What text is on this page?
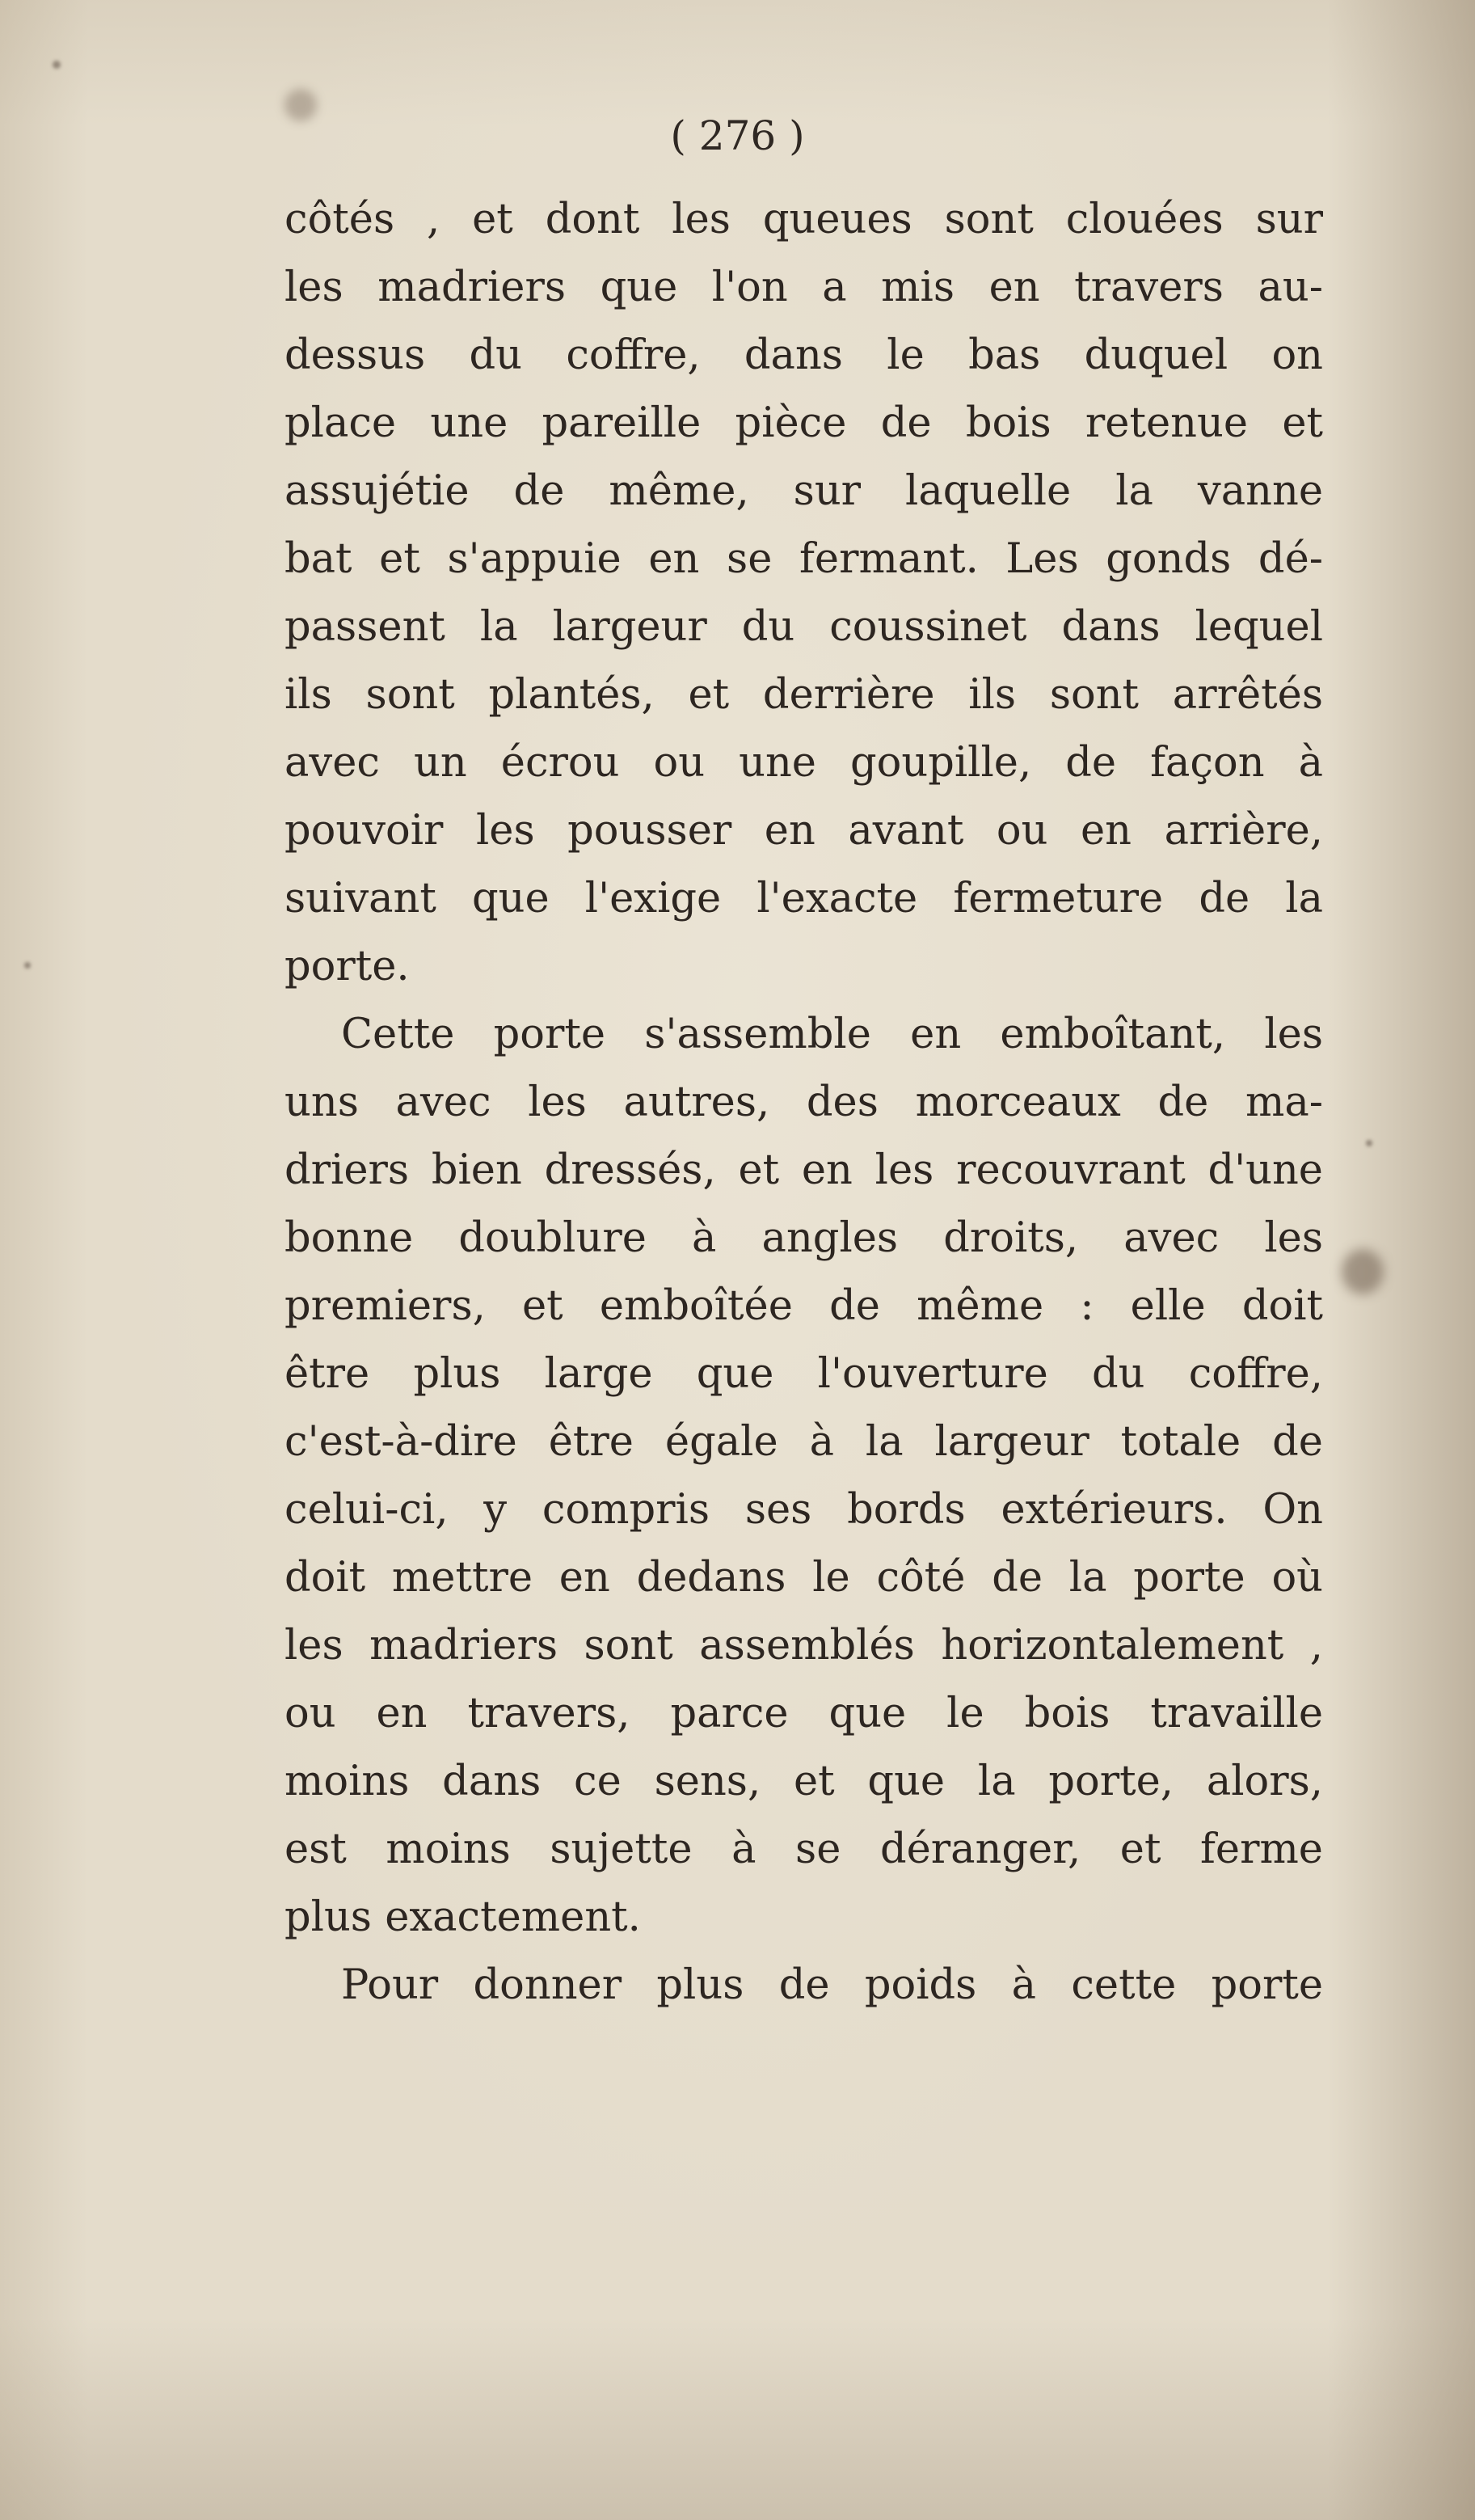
( 276 )
côtés , et dont les queues sont clouées sur
les madriers que l'on a mis en travers au-
dessus du coffre, dans le bas duquel on
place une pareille pièce de bois retenue et
assujétie de même, sur laquelle la vanne
bat et s'appuie en se fermant. Les gonds dé-
passent la largeur du coussinet dans lequel
ils sont plantés, et derrière ils sont arrêtés
avec un écrou ou une goupille, de façon à
pouvoir les pousser en avant ou en arrière,
suivant que l'exige l'exacte fermeture de la
porte.
Cette porte s'assemble en emboîtant, les
uns avec les autres, des morceaux de ma-
driers bien dressés, et en les recouvrant d'une
bonne doublure à angles droits, avec les
premiers, et emboîtée de même : elle doit
être plus large que l'ouverture du coffre,
c'est-à-dire être égale à la largeur totale de
celui-ci, y compris ses bords extérieurs. On
doit mettre en dedans le côté de la porte où
les madriers sont assemblés horizontalement ,
ou en travers, parce que le bois travaille
moins dans ce sens, et que la porte, alors,
est moins sujette à se déranger, et ferme
plus exactement.
Pour donner plus de poids à cette porte
